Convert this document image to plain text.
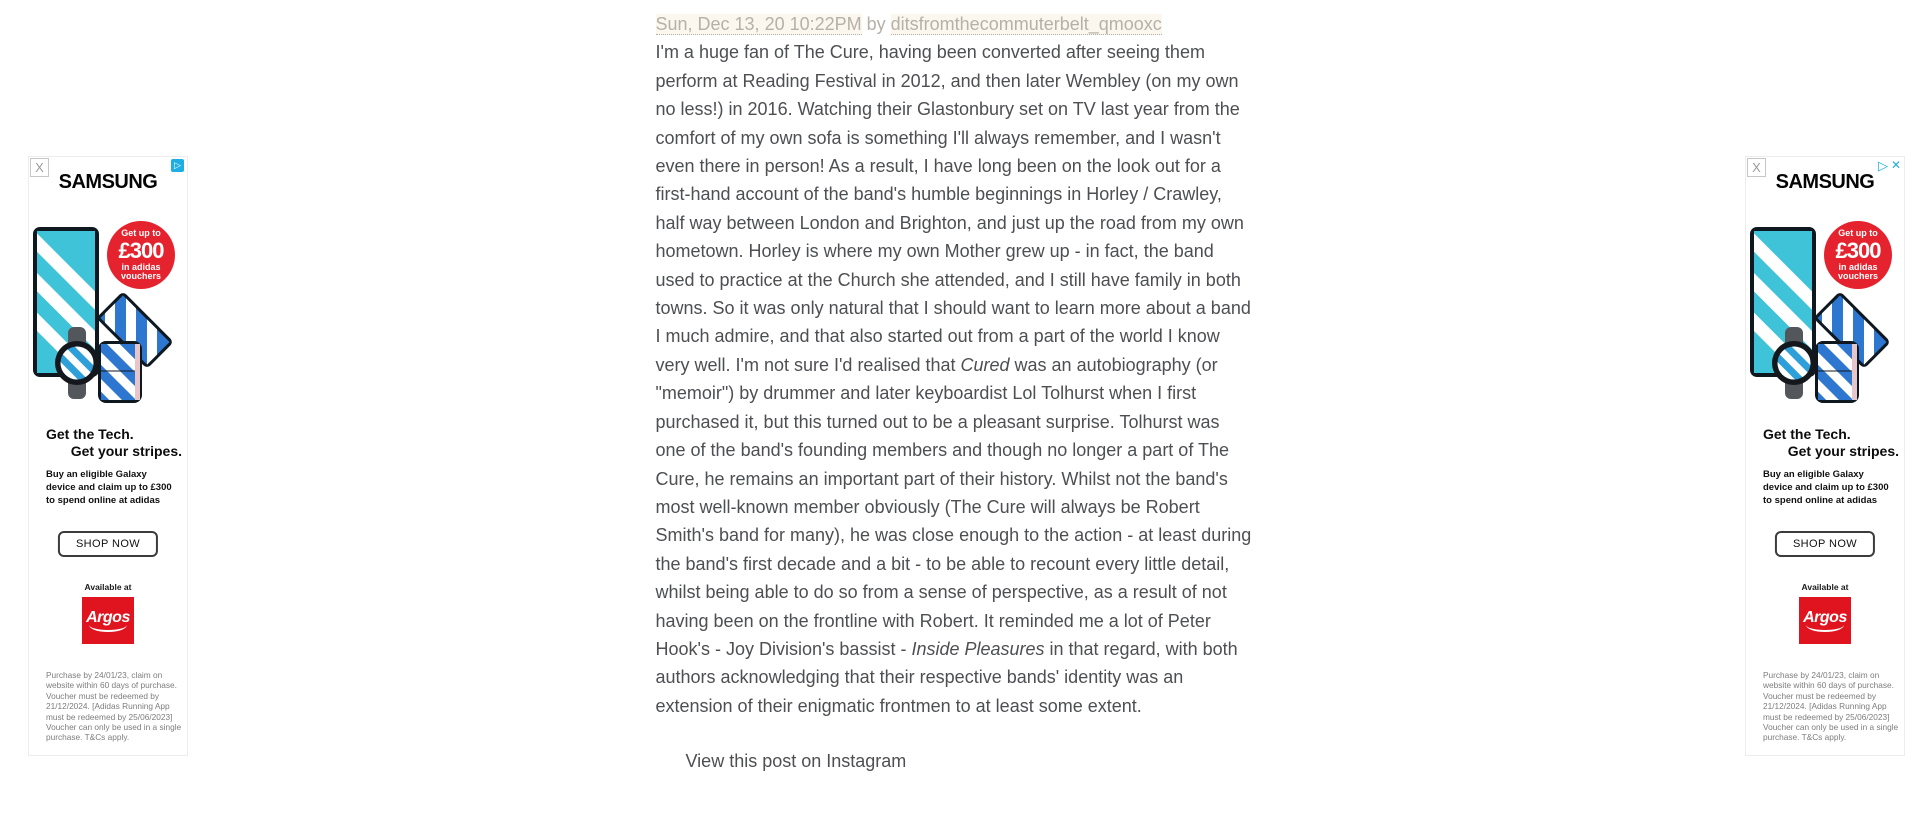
Sun, Dec 13, 20 10:22PM by ditsfromthecommuterbelt_qmooxc

I'm a huge fan of The Cure, having been converted after seeing them perform at Reading Festival in 2012, and then later Wembley (on my own no less!) in 2016. Watching their Glastonbury set on TV last year from the comfort of my own sofa is something I'll always remember, and I wasn't even there in person! As a result, I have long been on the look out for a first-hand account of the band's humble beginnings in Horley / Crawley, half way between London and Brighton, and just up the road from my own hometown. Horley is where my own Mother grew up - in fact, the band used to practice at the Church she attended, and I still have family in both towns. So it was only natural that I should want to learn more about a band I much admire, and that also started out from a part of the world I know very well. I'm not sure I'd realised that Cured was an autobiography (or "memoir") by drummer and later keyboardist Lol Tolhurst when I first purchased it, but this turned out to be a pleasant surprise. Tolhurst was one of the band's founding members and though no longer a part of The Cure, he remains an important part of their history. Whilst not the band's most well-known member obviously (The Cure will always be Robert Smith's band for many), he was close enough to the action - at least during the band's first decade and a bit - to be able to recount every little detail, whilst being able to do so from a sense of perspective, as a result of not having been on the frontline with Robert. It reminded me a lot of Peter Hook's - Joy Division's bassist - Inside Pleasures in that regard, with both authors acknowledging that their respective bands' identity was an extension of their enigmatic frontmen to at least some extent.

View this post on Instagram
X	▷
SAMSUNG
Get up to
£300
in adidas
vouchers
Get the Tech.
Get your stripes.
Buy an eligible Galaxy
device and claim up to £300
to spend online at adidas
SHOP NOW
Available at
Argos
Purchase by 24/01/23, claim on
website within 60 days of purchase.
Voucher must be redeemed by
21/12/2024. [Adidas Running App
must be redeemed by 25/06/2023]
Voucher can only be used in a single
purchase. T&Cs apply.
X	▷ ✕
SAMSUNG
Get up to
£300
in adidas
vouchers
Get the Tech.
Get your stripes.
Buy an eligible Galaxy
device and claim up to £300
to spend online at adidas
SHOP NOW
Available at
Argos
Purchase by 24/01/23, claim on
website within 60 days of purchase.
Voucher must be redeemed by
21/12/2024. [Adidas Running App
must be redeemed by 25/06/2023]
Voucher can only be used in a single
purchase. T&Cs apply.
